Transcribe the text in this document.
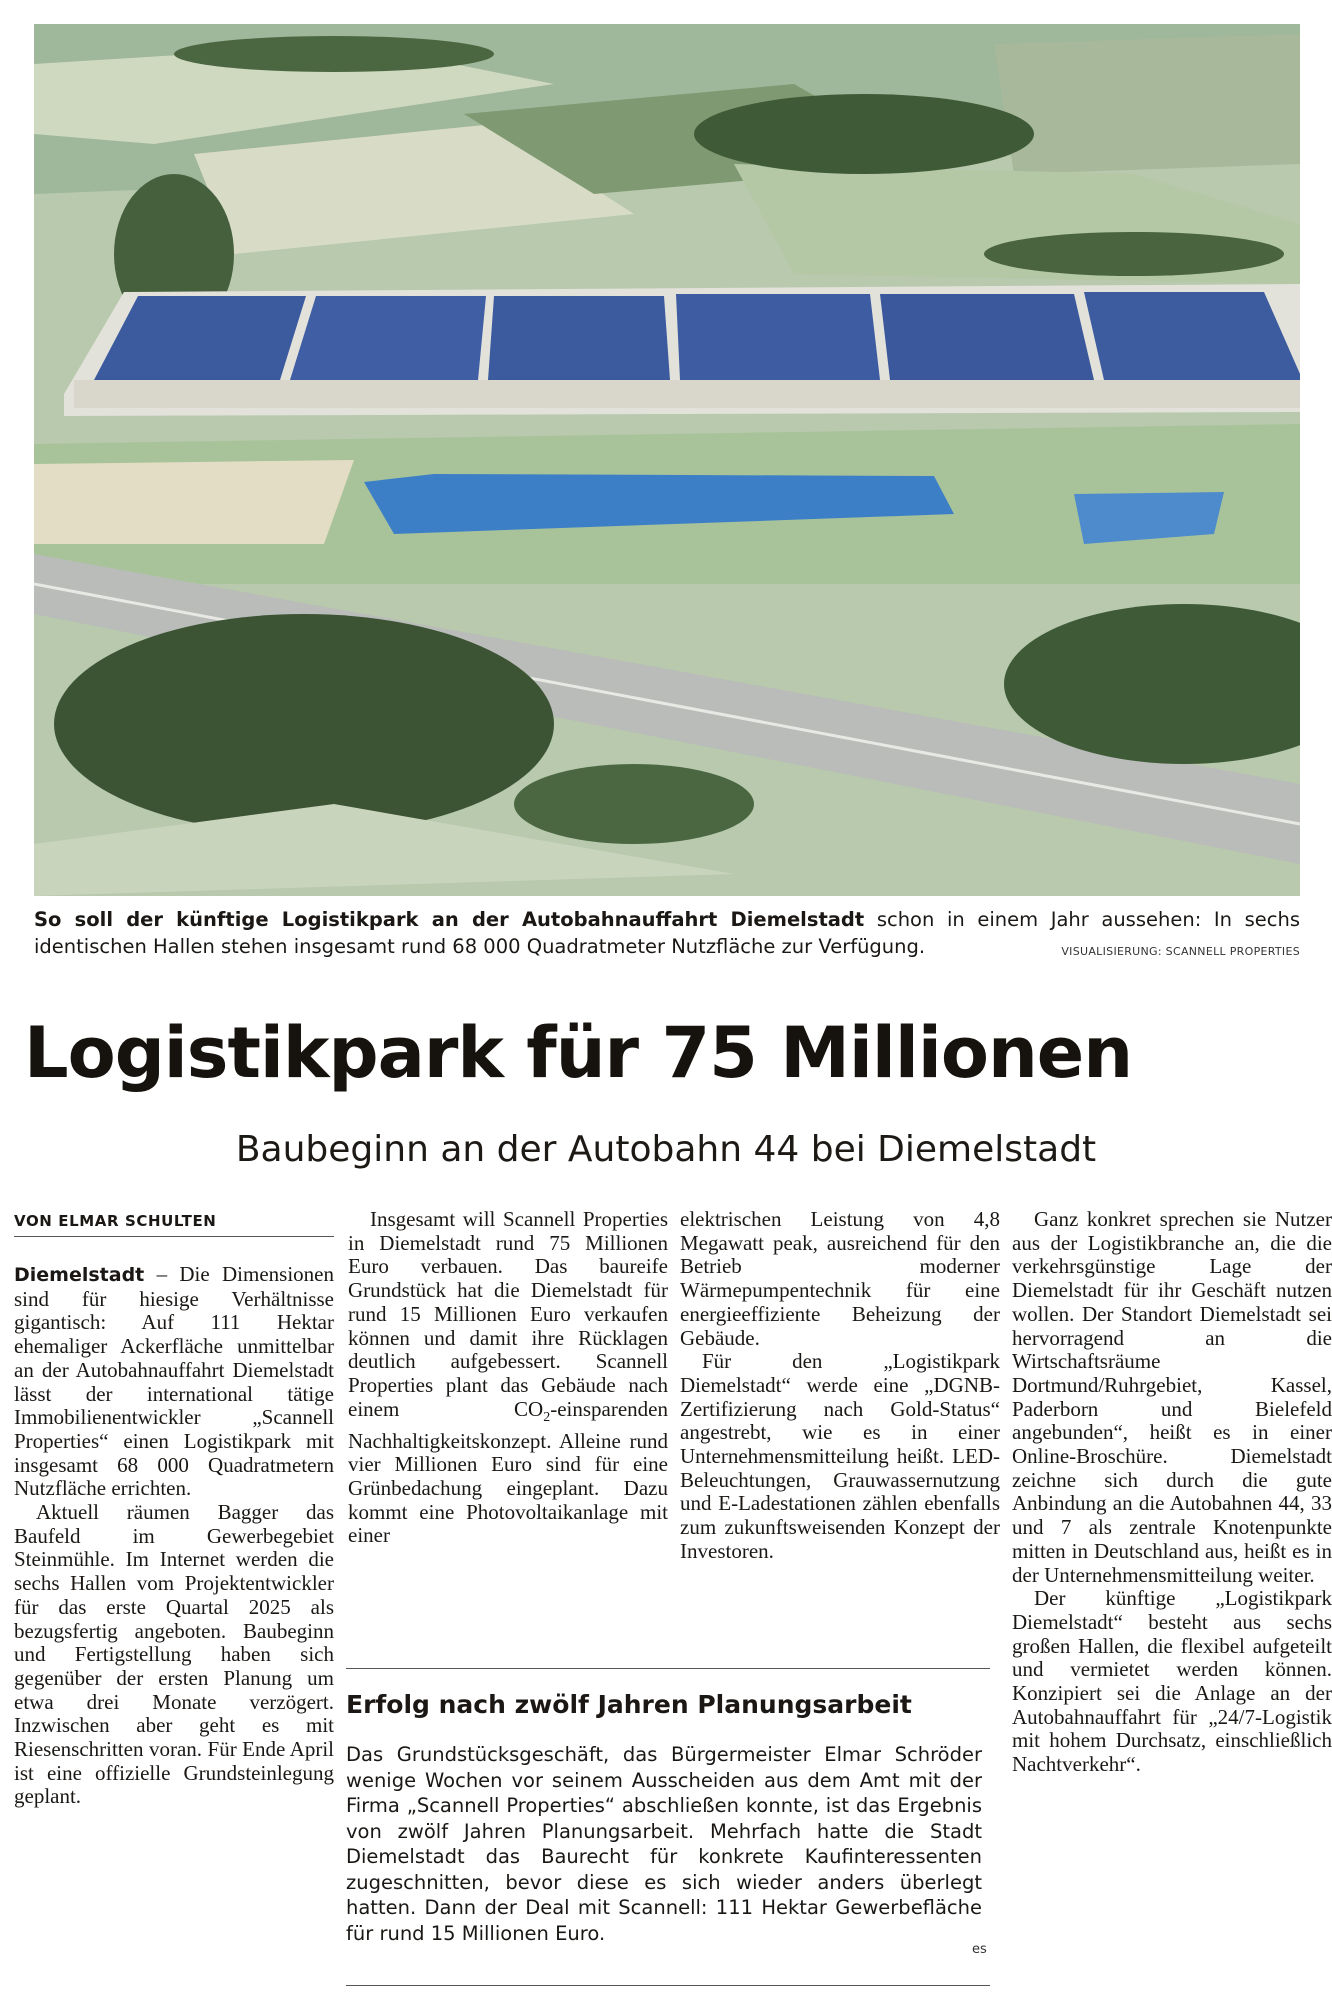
So soll der künftige Logistikpark an der Autobahnauffahrt Diemelstadt schon in einem Jahr aussehen: In sechs identischen Hallen stehen insgesamt rund 68 000 Quadratmeter Nutzfläche zur Verfügung.	VISUALISIERUNG: SCANNELL PROPERTIES
Logistikpark für 75 Millionen
Baubeginn an der Autobahn 44 bei Diemelstadt
VON ELMAR SCHULTEN

Diemelstadt – Die Dimensionen sind für hiesige Verhältnisse gigantisch: Auf 111 Hektar ehemaliger Ackerfläche unmittelbar an der Autobahnauffahrt Diemelstadt lässt der international tätige Immobilienentwickler „Scannell Properties“ einen Logistikpark mit insgesamt 68 000 Quadratmetern Nutzfläche errichten.

Aktuell räumen Bagger das Baufeld im Gewerbegebiet Steinmühle. Im Internet werden die sechs Hallen vom Projektentwickler für das erste Quartal 2025 als bezugsfertig angeboten. Baubeginn und Fertigstellung haben sich gegenüber der ersten Planung um etwa drei Monate verzögert. Inzwischen aber geht es mit Riesenschritten voran. Für Ende April ist eine offizielle Grundsteinlegung geplant.

Insgesamt will Scannell Properties in Diemelstadt rund 75 Millionen Euro verbauen. Das baureife Grundstück hat die Diemelstadt für rund 15 Millionen Euro verkaufen können und damit ihre Rücklagen deutlich aufgebessert. Scannell Properties plant das Gebäude nach einem $CO_2$-einsparenden Nachhaltigkeitskonzept. Alleine rund vier Millionen Euro sind für eine Grünbedachung eingeplant. Dazu kommt eine Photovoltaikanlage mit einer

elektrischen Leistung von 4,8 Megawatt peak, ausreichend für den Betrieb moderner Wärmepumpentechnik für eine energieeffiziente Beheizung der Gebäude.

Für den „Logistikpark Diemelstadt“ werde eine „DGNB-Zertifizierung nach Gold-Status“ angestrebt, wie es in einer Unternehmensmitteilung heißt. LED-Beleuchtungen, Grauwassernutzung und E-Ladestationen zählen ebenfalls zum zukunftsweisenden Konzept der Investoren.

Ganz konkret sprechen sie Nutzer aus der Logistikbranche an, die die verkehrsgünstige Lage der Diemelstadt für ihr Geschäft nutzen wollen. Der Standort Diemelstadt sei hervorragend an die Wirtschaftsräume Dortmund/Ruhrgebiet, Kassel, Paderborn und Bielefeld angebunden“, heißt es in einer Online-Broschüre. Diemelstadt zeichne sich durch die gute Anbindung an die Autobahnen 44, 33 und 7 als zentrale Knotenpunkte mitten in Deutschland aus, heißt es in der Unternehmensmitteilung weiter.

Der künftige „Logistikpark Diemelstadt“ besteht aus sechs großen Hallen, die flexibel aufgeteilt und vermietet werden können. Konzipiert sei die Anlage an der Autobahnauffahrt für „24/7-Logistik mit hohem Durchsatz, einschließlich Nachtverkehr“.

Erfolg nach zwölf Jahren Planungsarbeit
Das Grundstücksgeschäft, das Bürgermeister Elmar Schröder wenige Wochen vor seinem Ausscheiden aus dem Amt mit der Firma „Scannell Properties“ abschließen konnte, ist das Ergebnis von zwölf Jahren Planungsarbeit. Mehrfach hatte die Stadt Diemelstadt das Baurecht für konkrete Kaufinteressenten zugeschnitten, bevor diese es sich wieder anders überlegt hatten. Dann der Deal mit Scannell: 111 Hektar Gewerbefläche für rund 15 Millionen Euro.
es
